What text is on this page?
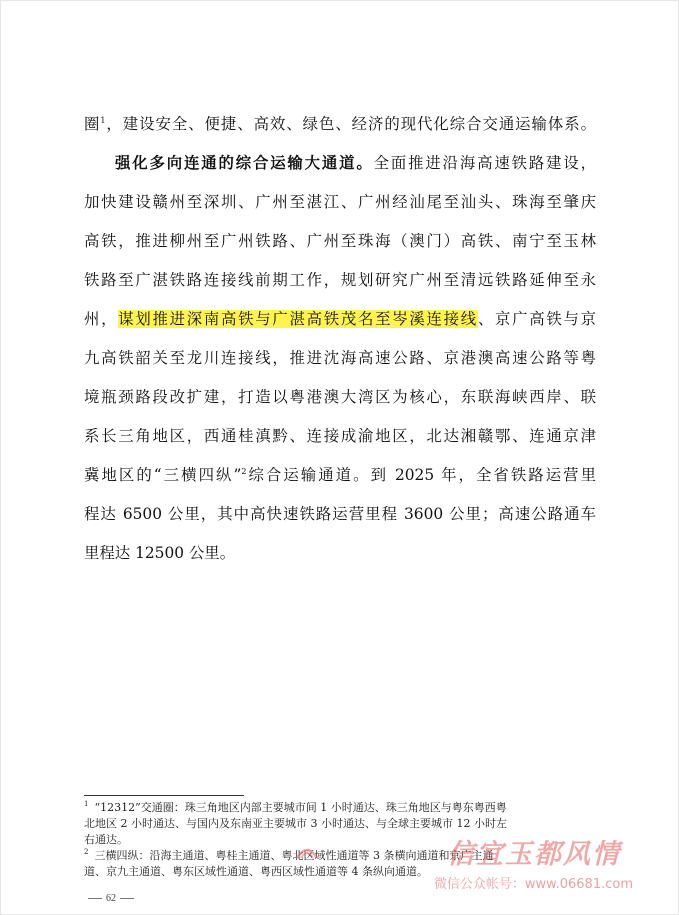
圈$^1$，建设安全、便捷、高效、绿色、经济的现代化综合交通运输体系。
强化多向连通的综合运输大通道。全面推进沿海高速铁路建设，
加快建设赣州至深圳、广州至湛江、广州经汕尾至汕头、珠海至肇庆
高铁，推进柳州至广州铁路、广州至珠海（澳门）高铁、南宁至玉林
铁路至广湛铁路连接线前期工作，规划研究广州至清远铁路延伸至永
州，谋划推进深南高铁与广湛高铁茂名至岑溪连接线、京广高铁与京
九高铁韶关至龙川连接线，推进沈海高速公路、京港澳高速公路等粤
境瓶颈路段改扩建，打造以粤港澳大湾区为核心，东联海峡西岸、联
系长三角地区，西通桂滇黔、连接成渝地区，北达湘赣鄂、连通京津
冀地区的“三横四纵”$^2$综合运输通道。到 2025 年，全省铁路运营里
程达 6500 公里，其中高快速铁路运营里程 3600 公里；高速公路通车
里程达 12500 公里。
$^1$ “12312”交通圈：珠三角地区内部主要城市间 1 小时通达、珠三角地区与粤东粤西粤
北地区 2 小时通达、与国内及东南亚主要城市 3 小时通达、与全球主要城市 12 小时左
右通达。
$^2$ 三横四纵：沿海主通道、粤桂主通道、粤北区域性通道等 3 条横向通道和京广主通
道、京九主通道、粤东区域性通道、粤西区域性通道等 4 条纵向通道。
信宜玉都风情
微信公众帐号：www.06681.com
62
